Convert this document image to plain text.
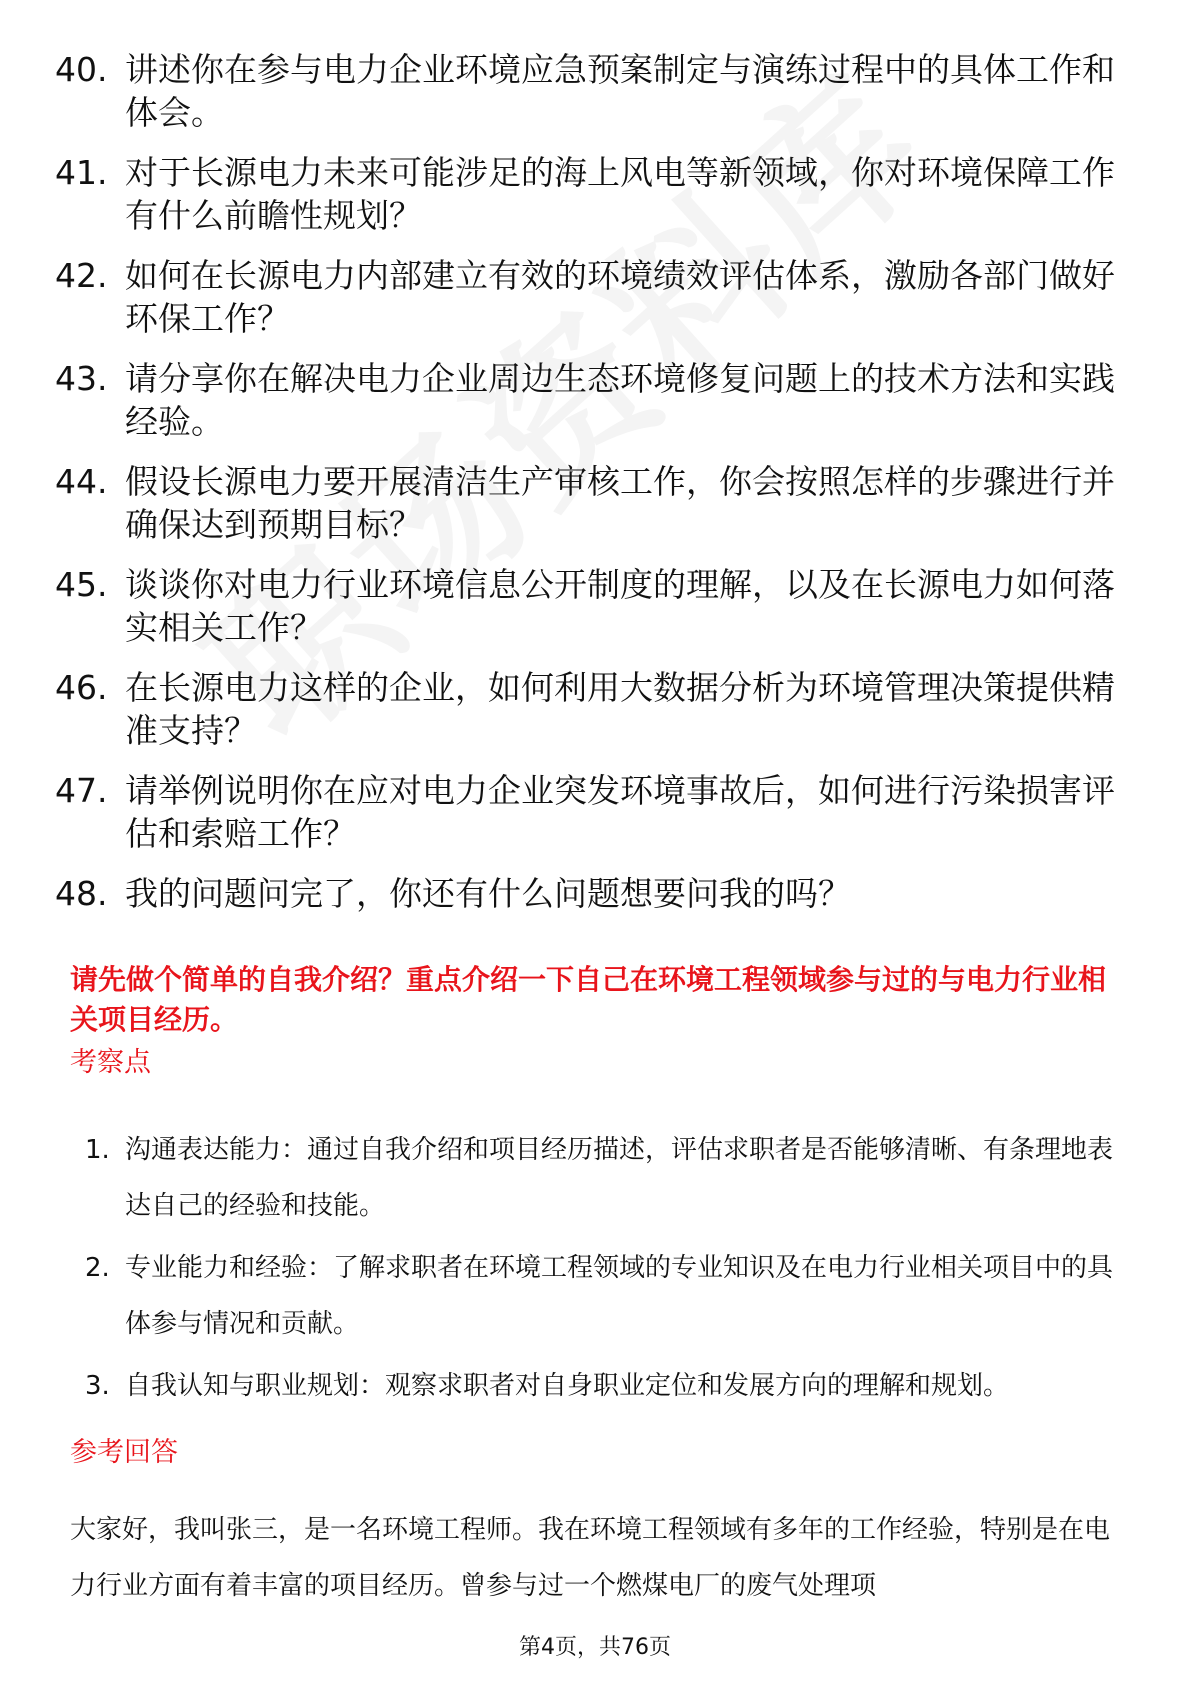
40. 讲述你在参与电力企业环境应急预案制定与演练过程中的具体工作和体会。
41. 对于长源电力未来可能涉足的海上风电等新领域，你对环境保障工作有什么前瞻性规划？
42. 如何在长源电力内部建立有效的环境绩效评估体系，激励各部门做好环保工作？
43. 请分享你在解决电力企业周边生态环境修复问题上的技术方法和实践经验。
44. 假设长源电力要开展清洁生产审核工作，你会按照怎样的步骤进行并确保达到预期目标？
45. 谈谈你对电力行业环境信息公开制度的理解，以及在长源电力如何落实相关工作？
46. 在长源电力这样的企业，如何利用大数据分析为环境管理决策提供精准支持？
47. 请举例说明你在应对电力企业突发环境事故后，如何进行污染损害评估和索赔工作？
48. 我的问题问完了，你还有什么问题想要问我的吗？
请先做个简单的自我介绍？重点介绍一下自己在环境工程领域参与过的与电力行业相关项目经历。
考察点
1. 沟通表达能力：通过自我介绍和项目经历描述，评估求职者是否能够清晰、有条理地表达自己的经验和技能。
2. 专业能力和经验：了解求职者在环境工程领域的专业知识及在电力行业相关项目中的具体参与情况和贡献。
3. 自我认知与职业规划：观察求职者对自身职业定位和发展方向的理解和规划。
参考回答
大家好，我叫张三，是一名环境工程师。我在环境工程领域有多年的工作经验，特别是在电力行业方面有着丰富的项目经历。曾参与过一个燃煤电厂的废气处理项
第4页，共76页
